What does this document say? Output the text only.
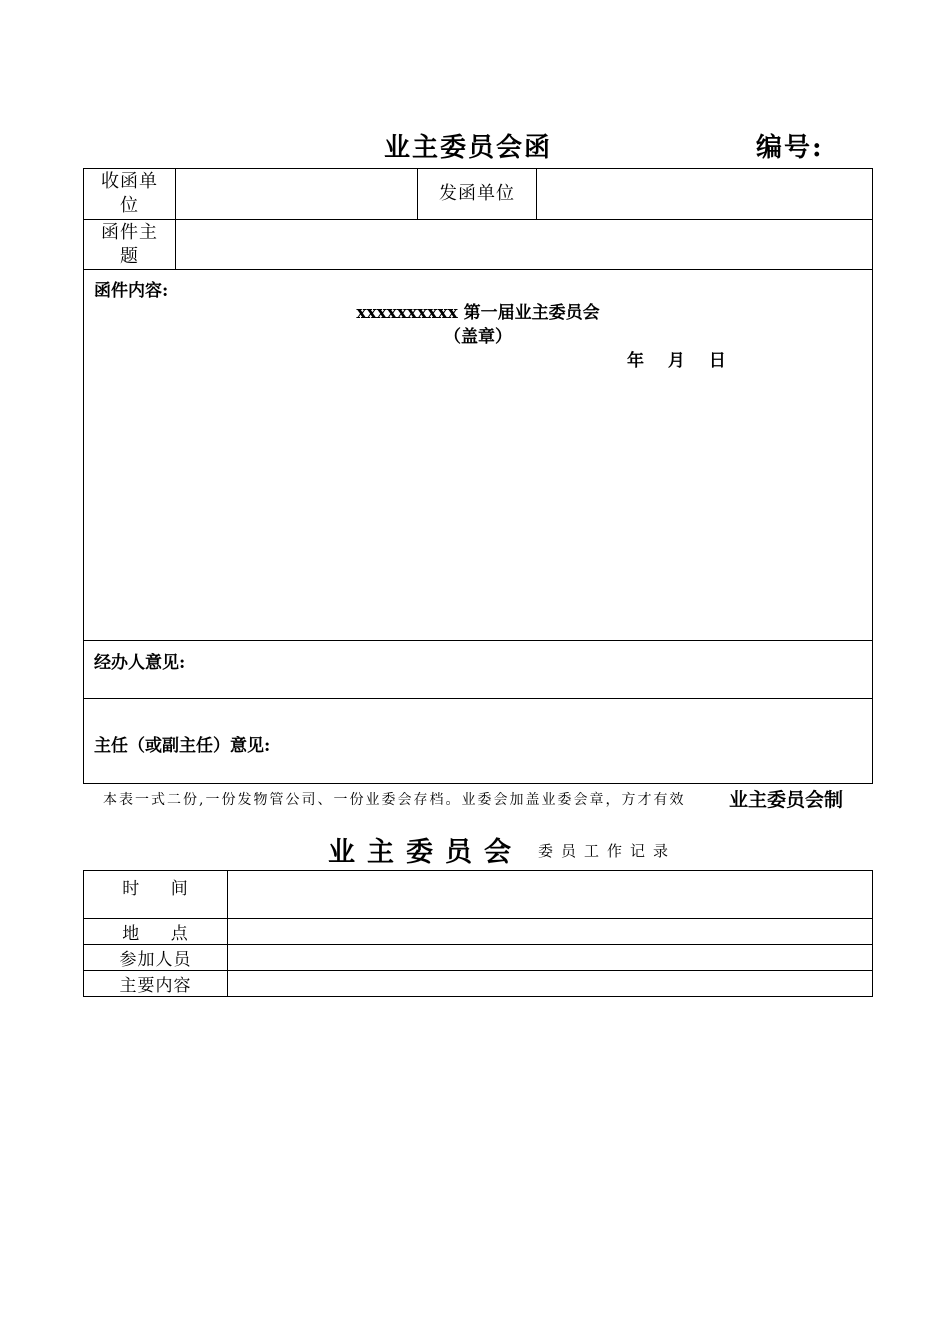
业主委员会函	编号:
收函单位		发函单位	
函件主题			

函件内容:
xxxxxxxxxx 第一届业主委员会
（盖章）
年 月 日			

经办人意见:			

主任（或副主任）意见:			
本表一式二份,一份发物管公司、一份业委会存档。业委会加盖业委会章，方才有效 业主委员会制
业主委员会 委员工作记录
时 间	
地 点	
参加人员	
主要内容	
